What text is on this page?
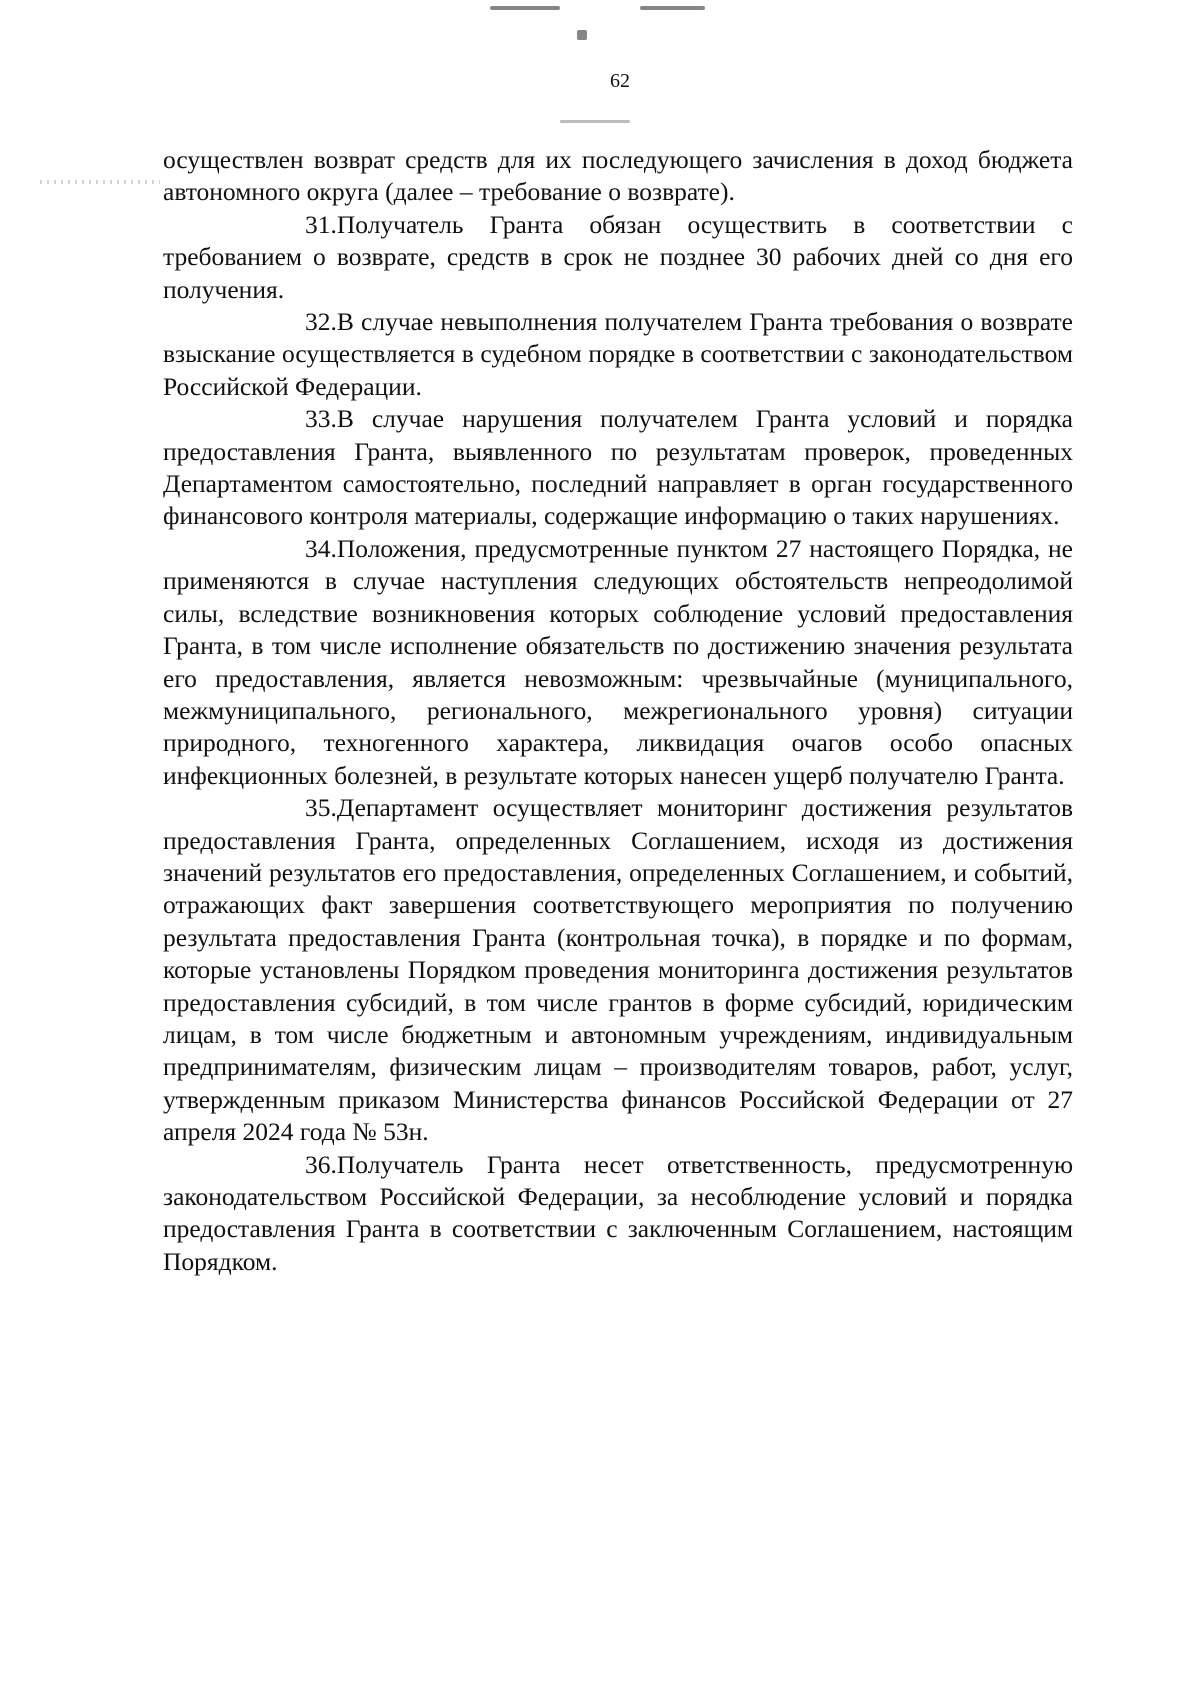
62

осуществлен возврат средств для их последующего зачисления в доход бюджета автономного округа (далее – требование о возврате).

31.Получатель Гранта обязан осуществить в соответствии с требованием о возврате, средств в срок не позднее 30 рабочих дней со дня его получения.

32.В случае невыполнения получателем Гранта требования о возврате взыскание осуществляется в судебном порядке в соответствии с законодательством Российской Федерации.

33.В случае нарушения получателем Гранта условий и порядка предоставления Гранта, выявленного по результатам проверок, проведенных Департаментом самостоятельно, последний направляет в орган государственного финансового контроля материалы, содержащие информацию о таких нарушениях.

34.Положения, предусмотренные пунктом 27 настоящего Порядка, не применяются в случае наступления следующих обстоятельств непреодолимой силы, вследствие возникновения которых соблюдение условий предоставления Гранта, в том числе исполнение обязательств по достижению значения результата его предоставления, является невозможным: чрезвычайные (муниципального, межмуниципального, регионального, межрегионального уровня) ситуации природного, техногенного характера, ликвидация очагов особо опасных инфекционных болезней, в результате которых нанесен ущерб получателю Гранта.

35.Департамент осуществляет мониторинг достижения результатов предоставления Гранта, определенных Соглашением, исходя из достижения значений результатов его предоставления, определенных Соглашением, и событий, отражающих факт завершения соответствующего мероприятия по получению результата предоставления Гранта (контрольная точка), в порядке и по формам, которые установлены Порядком проведения мониторинга достижения результатов предоставления субсидий, в том числе грантов в форме субсидий, юридическим лицам, в том числе бюджетным и автономным учреждениям, индивидуальным предпринимателям, физическим лицам – производителям товаров, работ, услуг, утвержденным приказом Министерства финансов Российской Федерации от 27 апреля 2024 года № 53н.

36.Получатель Гранта несет ответственность, предусмотренную законодательством Российской Федерации, за несоблюдение условий и порядка предоставления Гранта в соответствии с заключенным Соглашением, настоящим Порядком.
